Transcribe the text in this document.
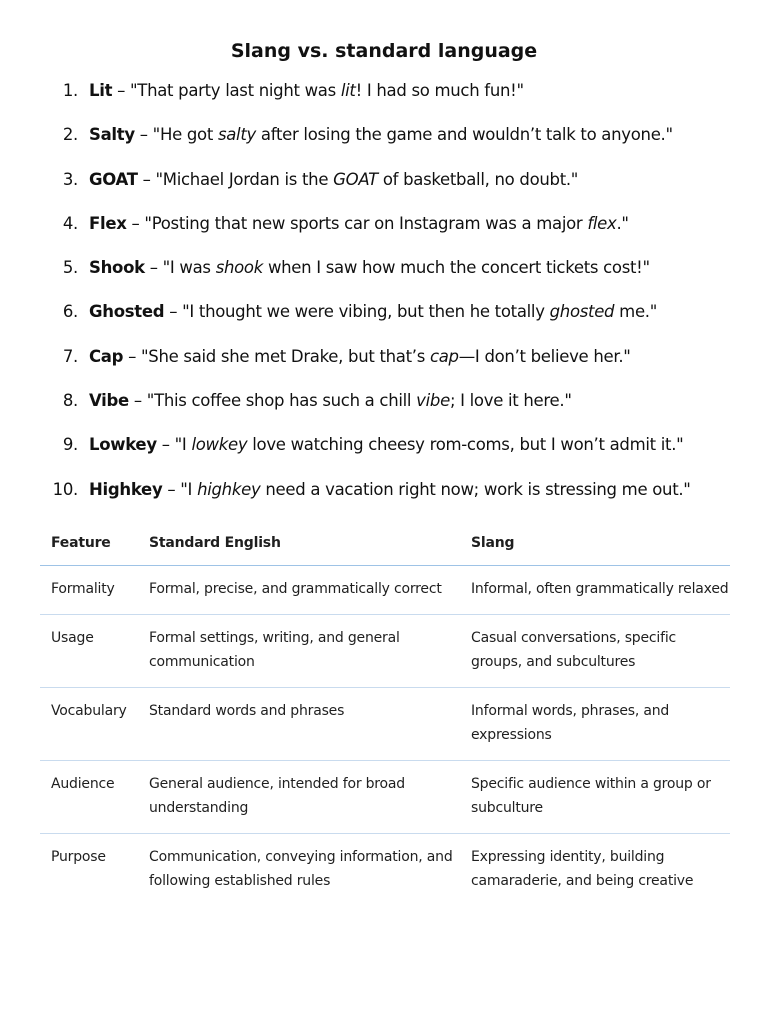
Slang vs. standard language
1. Lit – "That party last night was lit! I had so much fun!"
2. Salty – "He got salty after losing the game and wouldn’t talk to anyone."
3. GOAT – "Michael Jordan is the GOAT of basketball, no doubt."
4. Flex – "Posting that new sports car on Instagram was a major flex."
5. Shook – "I was shook when I saw how much the concert tickets cost!"
6. Ghosted – "I thought we were vibing, but then he totally ghosted me."
7. Cap – "She said she met Drake, but that’s cap—I don’t believe her."
8. Vibe – "This coffee shop has such a chill vibe; I love it here."
9. Lowkey – "I lowkey love watching cheesy rom-coms, but I won’t admit it."
10. Highkey – "I highkey need a vacation right now; work is stressing me out."
Feature	Standard English	Slang
Formality	Formal, precise, and grammatically correct	Informal, often grammatically relaxed
Usage	Formal settings, writing, and general communication	Casual conversations, specific groups, and subcultures
Vocabulary	Standard words and phrases	Informal words, phrases, and expressions
Audience	General audience, intended for broad understanding	Specific audience within a group or subculture
Purpose	Communication, conveying information, and following established rules	Expressing identity, building camaraderie, and being creative
